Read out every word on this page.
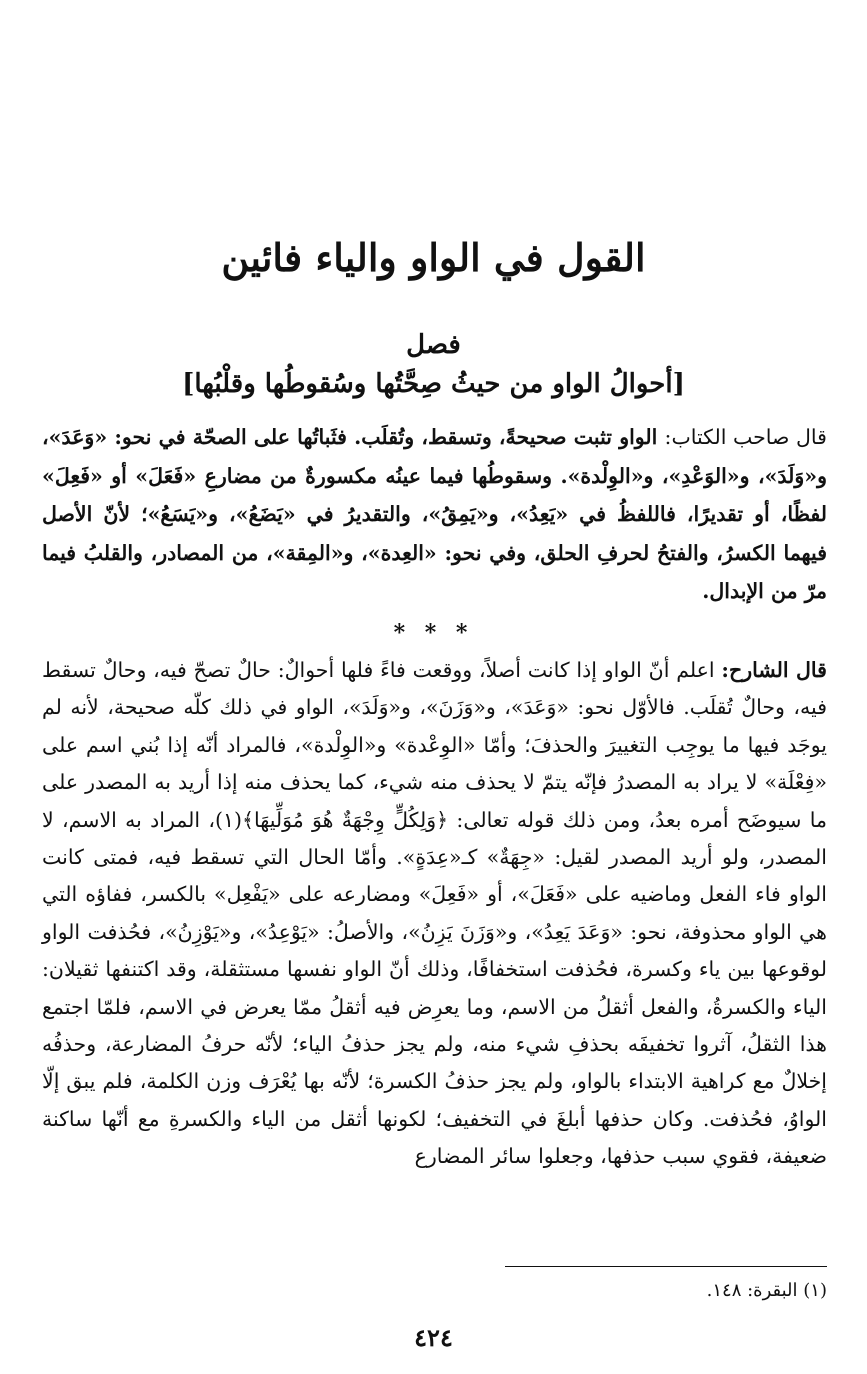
القول في الواو والياء فائين
فصل
[أحوالُ الواو من حيثُ صِحَّتُها وسُقوطُها وقلْبُها]

قال صاحب الكتاب: الواو تثبت صحيحةً، وتسقط، وتُقلَب. فثَباتُها على الصحّة في نحو: «وَعَدَ»، و«وَلَدَ»، و«الوَعْدِ»، و«الوِلْدة». وسقوطُها فيما عينُه مكسورةٌ من مضارعِ «فَعَلَ» أو «فَعِلَ» لفظًا، أو تقديرًا، فاللفظُ في «يَعِدُ»، و«يَمِقُ»، والتقديرُ في «يَضَعُ»، و«يَسَعُ»؛ لأنّ الأصل فيهما الكسرُ، والفتحُ لحرفِ الحلق، وفي نحو: «العِدة»، و«المِقة»، من المصادر، والقلبُ فيما مرّ من الإبدال.

* * *

قال الشارح: اعلم أنّ الواو إذا كانت أصلاً، ووقعت فاءً فلها أحوالٌ: حالٌ تصحّ فيه، وحالٌ تسقط فيه، وحالٌ تُقلَب. فالأوّل نحو: «وَعَدَ»، و«وَزَنَ»، و«وَلَدَ»، الواو في ذلك كلّه صحيحة، لأنه لم يوجَد فيها ما يوجِب التغييرَ والحذفَ؛ وأمّا «الوِعْدة» و«الوِلْدة»، فالمراد أنّه إذا بُني اسم على «فِعْلَة» لا يراد به المصدرُ فإنّه يتمّ لا يحذف منه شيء، كما يحذف منه إذا أريد به المصدر على ما سيوضَح أمره بعدُ، ومن ذلك قوله تعالى: ﴿وَلِكُلٍّ وِجْهَةٌ هُوَ مُوَلِّيهَا﴾(١)، المراد به الاسم، لا المصدر، ولو أريد المصدر لقيل: «جِهَةٌ» كـ«عِدَةٍ». وأمّا الحال التي تسقط فيه، فمتى كانت الواو فاء الفعل وماضيه على «فَعَلَ»، أو «فَعِلَ» ومضارعه على «يَفْعِل» بالكسر، ففاؤه التي هي الواو محذوفة، نحو: «وَعَدَ يَعِدُ»، و«وَزَنَ يَزِنُ»، والأصلُ: «يَوْعِدُ»، و«يَوْزِنُ»، فحُذفت الواو لوقوعها بين ياء وكسرة، فحُذفت استخفافًا، وذلك أنّ الواو نفسها مستثقلة، وقد اكتنفها ثقيلان: الياء والكسرةُ، والفعل أثقلُ من الاسم، وما يعرِض فيه أثقلُ ممّا يعرض في الاسم، فلمّا اجتمع هذا الثقلُ، آثروا تخفيفَه بحذفِ شيء منه، ولم يجز حذفُ الياء؛ لأنّه حرفُ المضارعة، وحذفُه إخلالٌ مع كراهية الابتداء بالواو، ولم يجز حذفُ الكسرة؛ لأنّه بها يُعْرَف وزن الكلمة، فلم يبق إلّا الواوُ، فحُذفت. وكان حذفها أبلغَ في التخفيف؛ لكونها أثقل من الياء والكسرةِ مع أنّها ساكنة ضعيفة، فقوي سبب حذفها، وجعلوا سائر المضارع

(١) البقرة: ١٤٨.

٤٢٤
